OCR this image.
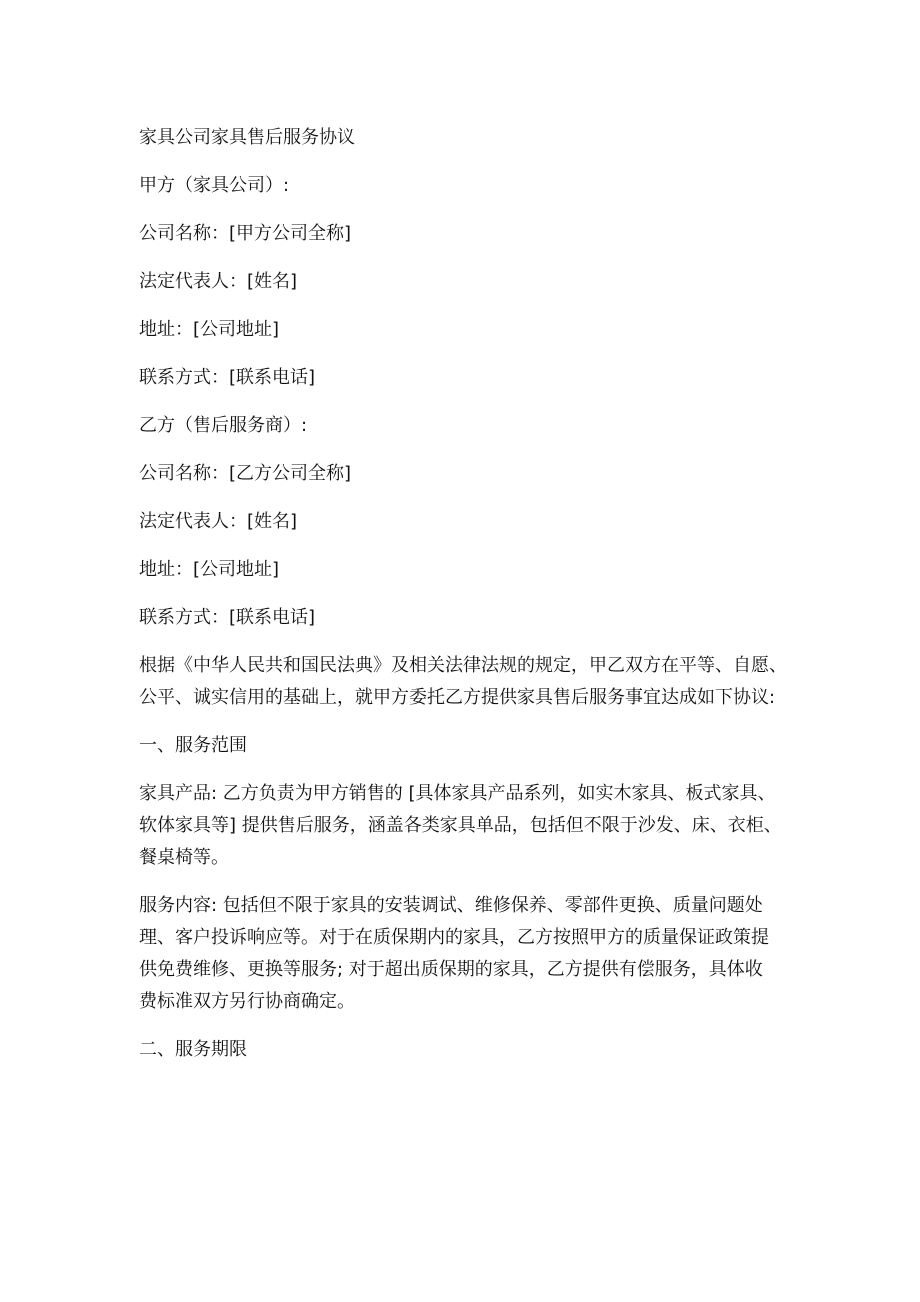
家具公司家具售后服务协议
甲方（家具公司）:
公司名称：[甲方公司全称]
法定代表人：[姓名]
地址：[公司地址]
联系方式：[联系电话]
乙方（售后服务商）:
公司名称：[乙方公司全称]
法定代表人：[姓名]
地址：[公司地址]
联系方式：[联系电话]
根据《中华人民共和国民法典》及相关法律法规的规定，甲乙双方在平等、自愿、
公平、诚实信用的基础上，就甲方委托乙方提供家具售后服务事宜达成如下协议:
一、服务范围
家具产品: 乙方负责为甲方销售的 [具体家具产品系列，如实木家具、板式家具、
软体家具等] 提供售后服务，涵盖各类家具单品，包括但不限于沙发、床、衣柜、
餐桌椅等。
服务内容: 包括但不限于家具的安装调试、维修保养、零部件更换、质量问题处
理、客户投诉响应等。对于在质保期内的家具，乙方按照甲方的质量保证政策提
供免费维修、更换等服务; 对于超出质保期的家具，乙方提供有偿服务，具体收
费标准双方另行协商确定。
二、服务期限
